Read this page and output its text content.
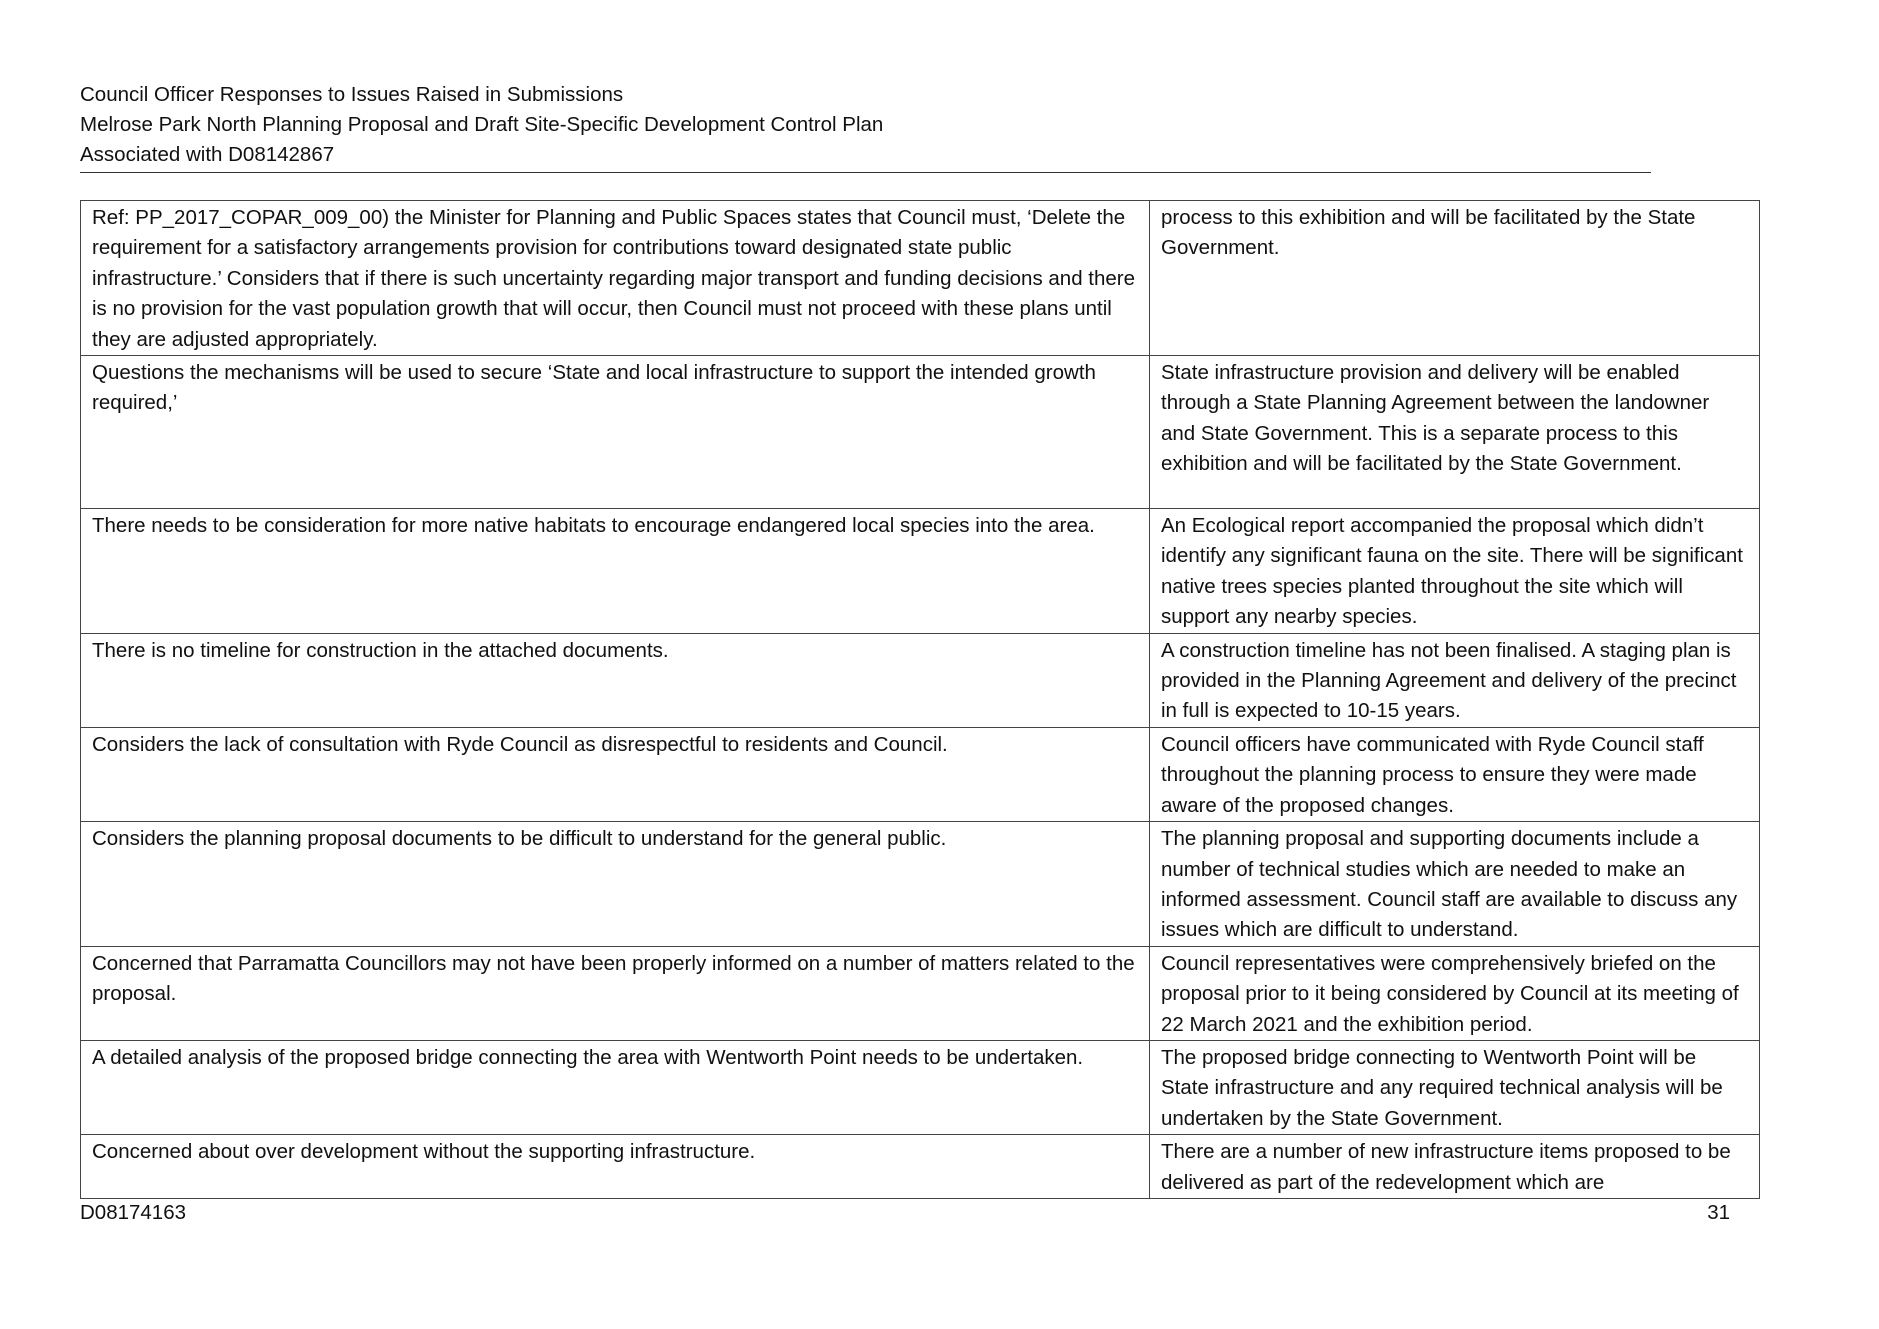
Council Officer Responses to Issues Raised in Submissions
Melrose Park North Planning Proposal and Draft Site-Specific Development Control Plan
Associated with D08142867
Ref: PP_2017_COPAR_009_00) the Minister for Planning and Public Spaces states that Council must, ‘Delete the requirement for a satisfactory arrangements provision for contributions toward designated state public infrastructure.’ Considers that if there is such uncertainty regarding major transport and funding decisions and there is no provision for the vast population growth that will occur, then Council must not proceed with these plans until they are adjusted appropriately.	process to this exhibition and will be facilitated by the State Government.
Questions the mechanisms will be used to secure ‘State and local infrastructure to support the intended growth required,’	State infrastructure provision and delivery will be enabled through a State Planning Agreement between the landowner and State Government. This is a separate process to this exhibition and will be facilitated by the State Government.
There needs to be consideration for more native habitats to encourage endangered local species into the area.	An Ecological report accompanied the proposal which didn’t identify any significant fauna on the site. There will be significant native trees species planted throughout the site which will support any nearby species.
There is no timeline for construction in the attached documents.	A construction timeline has not been finalised. A staging plan is provided in the Planning Agreement and delivery of the precinct in full is expected to 10-15 years.
Considers the lack of consultation with Ryde Council as disrespectful to residents and Council.	Council officers have communicated with Ryde Council staff throughout the planning process to ensure they were made aware of the proposed changes.
Considers the planning proposal documents to be difficult to understand for the general public.	The planning proposal and supporting documents include a number of technical studies which are needed to make an informed assessment. Council staff are available to discuss any issues which are difficult to understand.
Concerned that Parramatta Councillors may not have been properly informed on a number of matters related to the proposal.	Council representatives were comprehensively briefed on the proposal prior to it being considered by Council at its meeting of 22 March 2021 and the exhibition period.
A detailed analysis of the proposed bridge connecting the area with Wentworth Point needs to be undertaken.	The proposed bridge connecting to Wentworth Point will be State infrastructure and any required technical analysis will be undertaken by the State Government.
Concerned about over development without the supporting infrastructure.	There are a number of new infrastructure items proposed to be delivered as part of the redevelopment which are
D08174163	31
